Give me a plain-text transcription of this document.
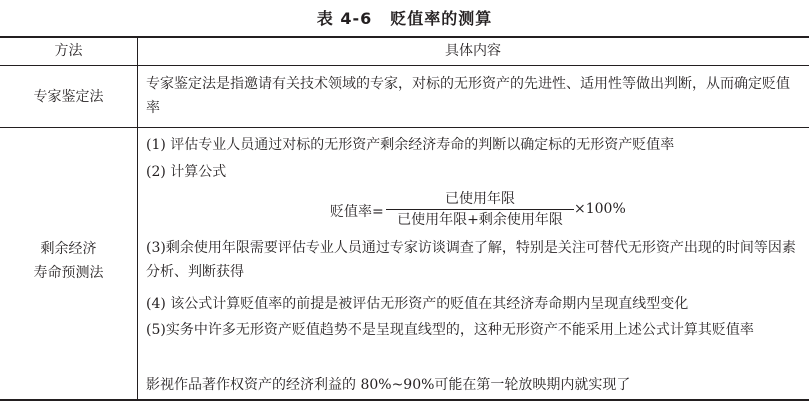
表 4-6 贬值率的测算
方法	具体内容
专家鉴定法
专家鉴定法是指邀请有关技术领域的专家，对标的无形资产的先进性、适用性等做出判断，从而确定贬值率
剩余经济
寿命预测法
(1) 评估专业人员通过对标的无形资产剩余经济寿命的判断以确定标的无形资产贬值率
(2) 计算公式
贬值率=
已使用年限
已使用年限+剩余使用年限
×100%
(3)剩余使用年限需要评估专业人员通过专家访谈调查了解，特别是关注可替代无形资产出现的时间等因素分析、判断获得
(4) 该公式计算贬值率的前提是被评估无形资产的贬值在其经济寿命期内呈现直线型变化
(5)实务中许多无形资产贬值趋势不是呈现直线型的，这种无形资产不能采用上述公式计算其贬值率
影视作品著作权资产的经济利益的 80%~90%可能在第一轮放映期内就实现了
